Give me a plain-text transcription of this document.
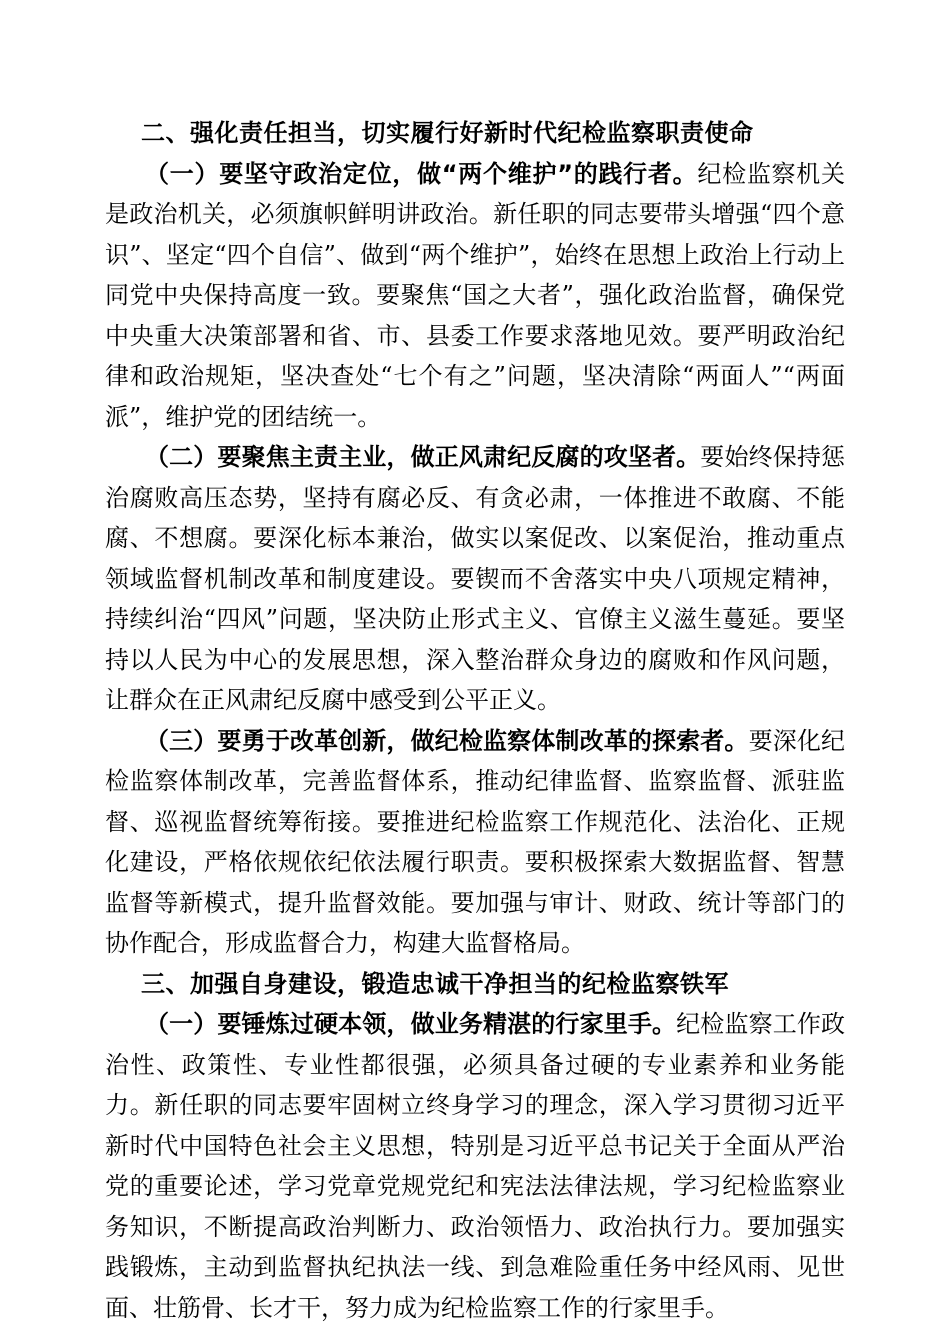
二、强化责任担当，切实履行好新时代纪检监察职责使命

（一）要坚守政治定位，做“两个维护”的践行者。纪检监察机关是政治机关，必须旗帜鲜明讲政治。新任职的同志要带头增强“四个意识”、坚定“四个自信”、做到“两个维护”，始终在思想上政治上行动上同党中央保持高度一致。要聚焦“国之大者”，强化政治监督，确保党中央重大决策部署和省、市、县委工作要求落地见效。要严明政治纪律和政治规矩，坚决查处“七个有之”问题，坚决清除“两面人”“两面派”，维护党的团结统一。

（二）要聚焦主责主业，做正风肃纪反腐的攻坚者。要始终保持惩治腐败高压态势，坚持有腐必反、有贪必肃，一体推进不敢腐、不能腐、不想腐。要深化标本兼治，做实以案促改、以案促治，推动重点领域监督机制改革和制度建设。要锲而不舍落实中央八项规定精神，持续纠治“四风”问题，坚决防止形式主义、官僚主义滋生蔓延。要坚持以人民为中心的发展思想，深入整治群众身边的腐败和作风问题，让群众在正风肃纪反腐中感受到公平正义。

（三）要勇于改革创新，做纪检监察体制改革的探索者。要深化纪检监察体制改革，完善监督体系，推动纪律监督、监察监督、派驻监督、巡视监督统筹衔接。要推进纪检监察工作规范化、法治化、正规化建设，严格依规依纪依法履行职责。要积极探索大数据监督、智慧监督等新模式，提升监督效能。要加强与审计、财政、统计等部门的协作配合，形成监督合力，构建大监督格局。

三、加强自身建设，锻造忠诚干净担当的纪检监察铁军

（一）要锤炼过硬本领，做业务精湛的行家里手。纪检监察工作政治性、政策性、专业性都很强，必须具备过硬的专业素养和业务能力。新任职的同志要牢固树立终身学习的理念，深入学习贯彻习近平新时代中国特色社会主义思想，特别是习近平总书记关于全面从严治党的重要论述，学习党章党规党纪和宪法法律法规，学习纪检监察业务知识，不断提高政治判断力、政治领悟力、政治执行力。要加强实践锻炼，主动到监督执纪执法一线、到急难险重任务中经风雨、见世面、壮筋骨、长才干，努力成为纪检监察工作的行家里手。
